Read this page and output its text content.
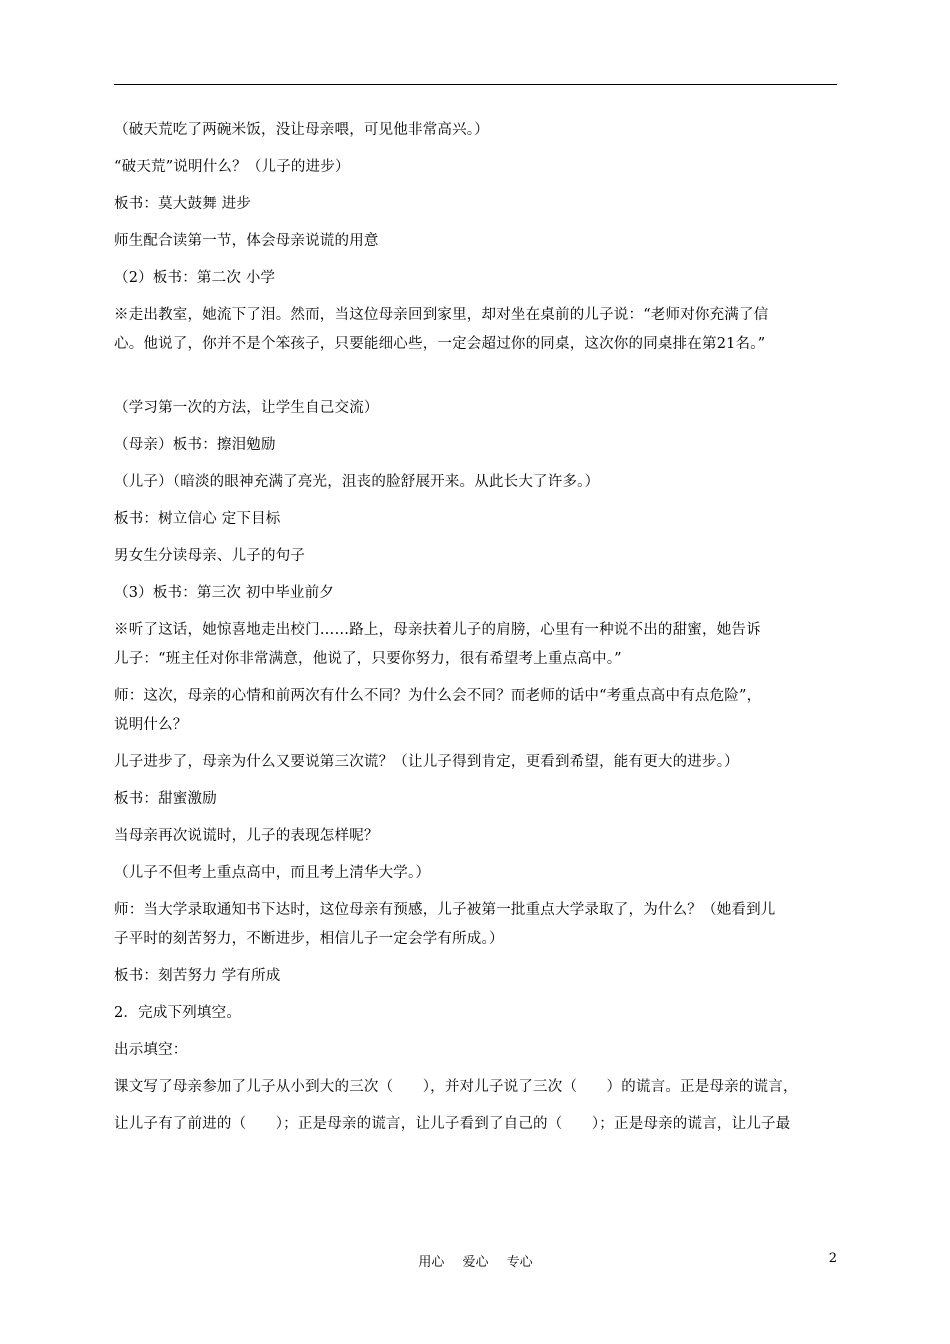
（破天荒吃了两碗米饭，没让母亲喂，可见他非常高兴。）
“破天荒”说明什么？（儿子的进步）
板书：莫大鼓舞 进步
师生配合读第一节，体会母亲说谎的用意
（2）板书：第二次 小学
※走出教室，她流下了泪。然而，当这位母亲回到家里，却对坐在桌前的儿子说：“老师对你充满了信
心。他说了，你并不是个笨孩子，只要能细心些，一定会超过你的同桌，这次你的同桌排在第21名。”
（学习第一次的方法，让学生自己交流）
（母亲）板书：擦泪勉励
（儿子）（暗淡的眼神充满了亮光，沮丧的脸舒展开来。从此长大了许多。）
板书：树立信心 定下目标
男女生分读母亲、儿子的句子
（3）板书：第三次 初中毕业前夕
※听了这话，她惊喜地走出校门……路上，母亲扶着儿子的肩膀，心里有一种说不出的甜蜜，她告诉
儿子：“班主任对你非常满意，他说了，只要你努力，很有希望考上重点高中。”
师：这次，母亲的心情和前两次有什么不同？为什么会不同？而老师的话中“考重点高中有点危险”，
说明什么？
儿子进步了，母亲为什么又要说第三次谎？（让儿子得到肯定，更看到希望，能有更大的进步。）
板书：甜蜜激励
当母亲再次说谎时，儿子的表现怎样呢？
（儿子不但考上重点高中，而且考上清华大学。）
师：当大学录取通知书下达时，这位母亲有预感，儿子被第一批重点大学录取了，为什么？（她看到儿
子平时的刻苦努力，不断进步，相信儿子一定会学有所成。）
板书：刻苦努力 学有所成
2．完成下列填空。
出示填空：
课文写了母亲参加了儿子从小到大的三次（　　），并对儿子说了三次（　　）的谎言。正是母亲的谎言，
让儿子有了前进的（　　）；正是母亲的谎言，让儿子看到了自己的（　　）；正是母亲的谎言，让儿子最
用心 爱心 专心	2
